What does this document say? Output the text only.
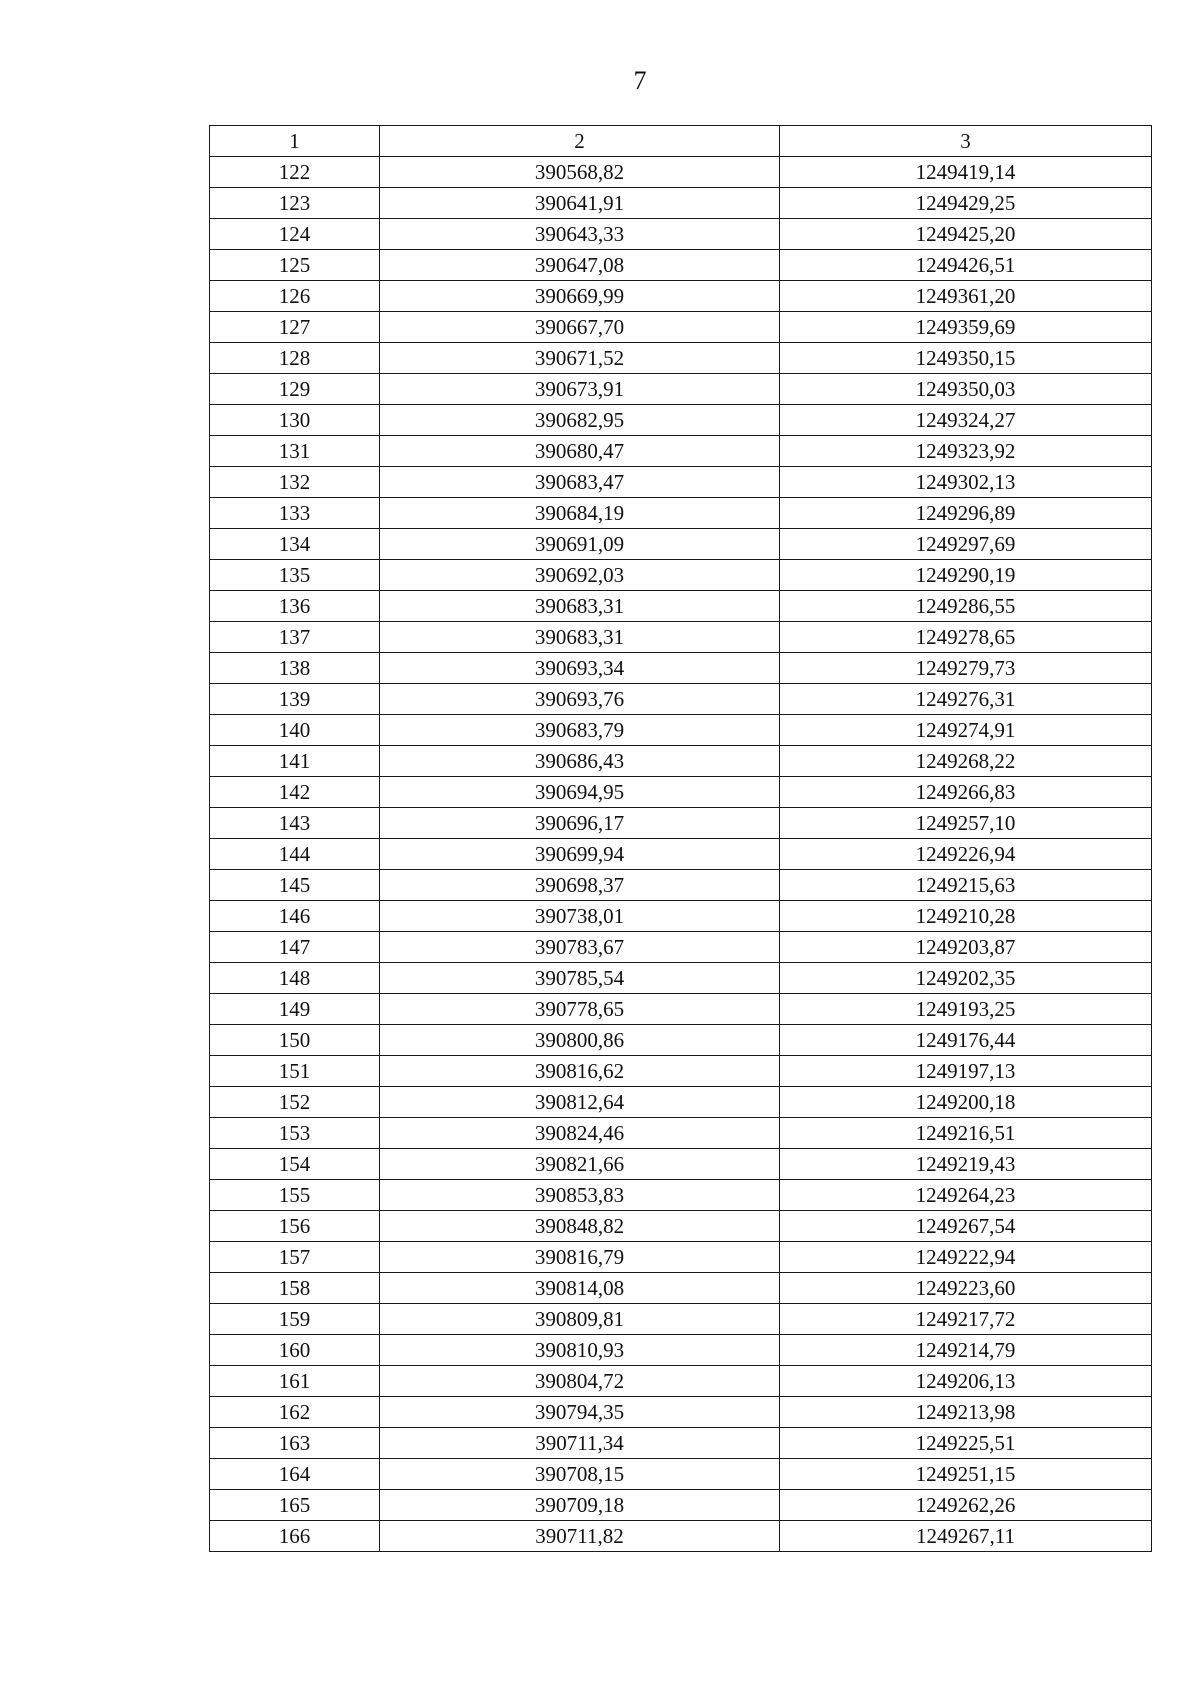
7
1	2	3
122	390568,82	1249419,14
123	390641,91	1249429,25
124	390643,33	1249425,20
125	390647,08	1249426,51
126	390669,99	1249361,20
127	390667,70	1249359,69
128	390671,52	1249350,15
129	390673,91	1249350,03
130	390682,95	1249324,27
131	390680,47	1249323,92
132	390683,47	1249302,13
133	390684,19	1249296,89
134	390691,09	1249297,69
135	390692,03	1249290,19
136	390683,31	1249286,55
137	390683,31	1249278,65
138	390693,34	1249279,73
139	390693,76	1249276,31
140	390683,79	1249274,91
141	390686,43	1249268,22
142	390694,95	1249266,83
143	390696,17	1249257,10
144	390699,94	1249226,94
145	390698,37	1249215,63
146	390738,01	1249210,28
147	390783,67	1249203,87
148	390785,54	1249202,35
149	390778,65	1249193,25
150	390800,86	1249176,44
151	390816,62	1249197,13
152	390812,64	1249200,18
153	390824,46	1249216,51
154	390821,66	1249219,43
155	390853,83	1249264,23
156	390848,82	1249267,54
157	390816,79	1249222,94
158	390814,08	1249223,60
159	390809,81	1249217,72
160	390810,93	1249214,79
161	390804,72	1249206,13
162	390794,35	1249213,98
163	390711,34	1249225,51
164	390708,15	1249251,15
165	390709,18	1249262,26
166	390711,82	1249267,11
